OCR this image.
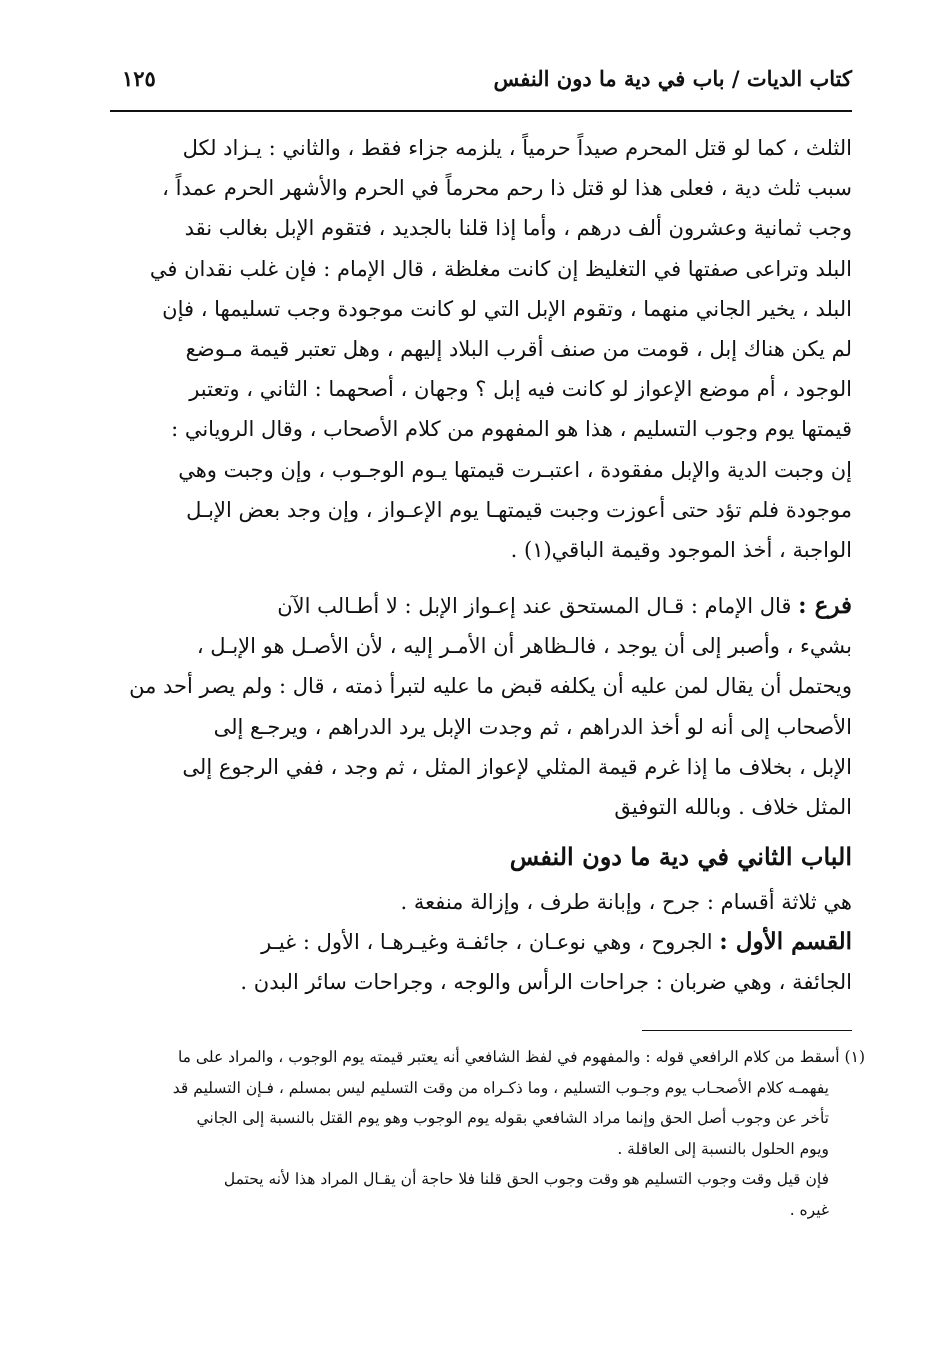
كتاب الديات / باب في دية ما دون النفس
١٢٥
الثلث ، كما لو قتل المحرم صيداً حرمياً ، يلزمه جزاء فقط ، والثاني : يـزاد لكل
سبب ثلث دية ، فعلى هذا لو قتل ذا رحم محرماً في الحرم والأشهر الحرم عمداً ،
وجب ثمانية وعشرون ألف درهم ، وأما إذا قلنا بالجديد ، فتقوم الإبل بغالب نقد
البلد وتراعى صفتها في التغليظ إن كانت مغلظة ، قال الإمام : فإن غلب نقدان في
البلد ، يخير الجاني منهما ، وتقوم الإبل التي لو كانت موجودة وجب تسليمها ، فإن
لم يكن هناك إبل ، قومت من صنف أقرب البلاد إليهم ، وهل تعتبر قيمة مـوضع
الوجود ، أم موضع الإعواز لو كانت فيه إبل ؟ وجهان ، أصحهما : الثاني ، وتعتبر
قيمتها يوم وجوب التسليم ، هذا هو المفهوم من كلام الأصحاب ، وقال الروياني :
إن وجبت الدية والإبل مفقودة ، اعتبـرت قيمتها يـوم الوجـوب ، وإن وجبت وهي
موجودة فلم تؤد حتى أعوزت وجبت قيمتهـا يوم الإعـواز ، وإن وجد بعض الإبـل
الواجبة ، أخذ الموجود وقيمة الباقي(١) .
فرع : قال الإمام : قـال المستحق عند إعـواز الإبل : لا أطـالب الآن
بشيء ، وأصبر إلى أن يوجد ، فالـظاهر أن الأمـر إليه ، لأن الأصـل هو الإبـل ،
ويحتمل أن يقال لمن عليه أن يكلفه قبض ما عليه لتبرأ ذمته ، قال : ولم يصر أحد من
الأصحاب إلى أنه لو أخذ الدراهم ، ثم وجدت الإبل يرد الدراهم ، ويرجـع إلى
الإبل ، بخلاف ما إذا غرم قيمة المثلي لإعواز المثل ، ثم وجد ، ففي الرجوع إلى
المثل خلاف . وبالله التوفيق
الباب الثاني في دية ما دون النفس
هي ثلاثة أقسام : جرح ، وإبانة طرف ، وإزالة منفعة .
القسم الأول : الجروح ، وهي نوعـان ، جائفـة وغيـرهـا ، الأول : غيـر
الجائفة ، وهي ضربان : جراحات الرأس والوجه ، وجراحات سائر البدن .
(١) أسقط من كلام الرافعي قوله : والمفهوم في لفظ الشافعي أنه يعتبر قيمته يوم الوجوب ، والمراد على ما
يفهمـه كلام الأصحـاب يوم وجـوب التسليم ، وما ذكـراه من وقت التسليم ليس بمسلم ، فـإن التسليم قد
تأخر عن وجوب أصل الحق وإنما مراد الشافعي بقوله يوم الوجوب وهو يوم القتل بالنسبة إلى الجاني
ويوم الحلول بالنسبة إلى العاقلة .
فإن قيل وقت وجوب التسليم هو وقت وجوب الحق قلنا فلا حاجة أن يقـال المراد هذا لأنه يحتمل
غيره .
